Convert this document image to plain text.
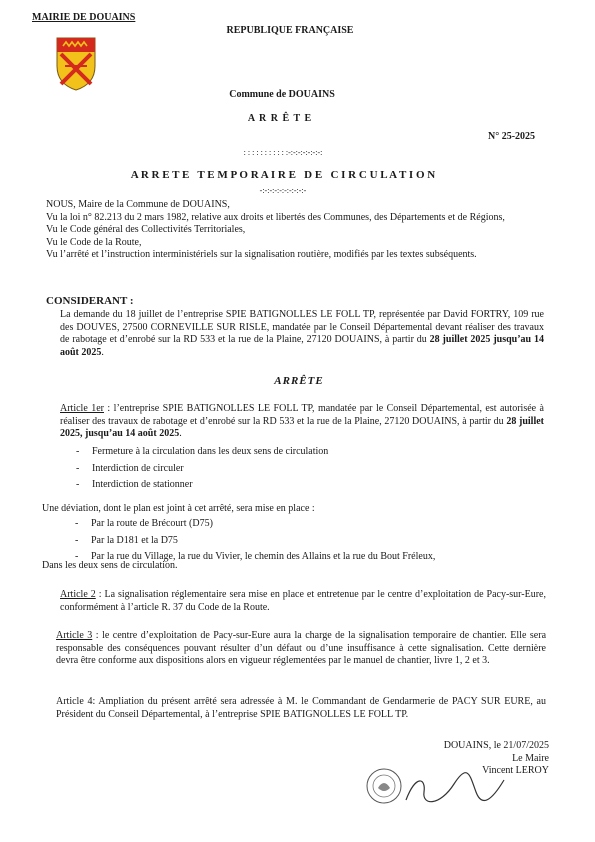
MAIRIE DE DOUAINS
REPUBLIQUE FRANÇAISE
Commune de DOUAINS
A R R Ê T E
N° 25-2025
: : : : : : : : : : :-:-:-:-:-:-:-:
A R R E T E   T E M P O R A I R E   D E   C I R C U L A T I O N
-:-:-:-:-:-:-:-:-:-
NOUS, Maire de la Commune de DOUAINS,
Vu la loi n° 82.213 du 2 mars 1982, relative aux droits et libertés des Communes, des Départements et de Régions,
Vu le Code général des Collectivités Territoriales,
Vu le Code de la Route,
Vu l’arrêté et l’instruction interministériels sur la signalisation routière, modifiés par les textes subséquents.
CONSIDERANT :
La demande du 18 juillet de l’entreprise SPIE BATIGNOLLES LE FOLL TP, représentée par David FORTRY, 109 rue des DOUVES, 27500 CORNEVILLE SUR RISLE, mandatée par le Conseil Départemental devant réaliser des travaux de rabotage et d’enrobé sur la RD 533 et la rue de la Plaine, 27120 DOUAINS, à partir du 28 juillet 2025 jusqu’au 14 août 2025.
ARRÊTE
Article 1er : l’entreprise SPIE BATIGNOLLES LE FOLL TP, mandatée par le Conseil Départemental, est autorisée à réaliser des travaux de rabotage et d’enrobé sur la RD 533 et la rue de la Plaine, 27120 DOUAINS, à partir du 28 juillet 2025, jusqu’au 14 août 2025.
- Fermeture à la circulation dans les deux sens de circulation
- Interdiction de circuler
- Interdiction de stationner
Une déviation, dont le plan est joint à cet arrêté, sera mise en place :
- Par la route de Brécourt (D75)
- Par la D181 et la D75
- Par la rue du Village, la rue du Vivier, le chemin des Allains et la rue du Bout Fréleux,
Dans les deux sens de circulation.
Article 2 : La signalisation réglementaire sera mise en place et entretenue par le centre d’exploitation de Pacy-sur-Eure, conformément à l’article R. 37 du Code de la Route.
Article 3 : le centre d’exploitation de Pacy-sur-Eure aura la charge de la signalisation temporaire de chantier. Elle sera responsable des conséquences pouvant résulter d’un défaut ou d’une insuffisance à cette signalisation. Cette dernière devra être conforme aux dispositions alors en vigueur réglementées par le manuel de chantier, livre 1, 2 et 3.
Article 4: Ampliation du présent arrêté sera adressée à M. le Commandant de Gendarmerie de PACY SUR EURE, au Président du Conseil Départemental, à l’entreprise SPIE BATIGNOLLES LE FOLL TP.
DOUAINS, le 21/07/2025
Le Maire
Vincent LEROY
